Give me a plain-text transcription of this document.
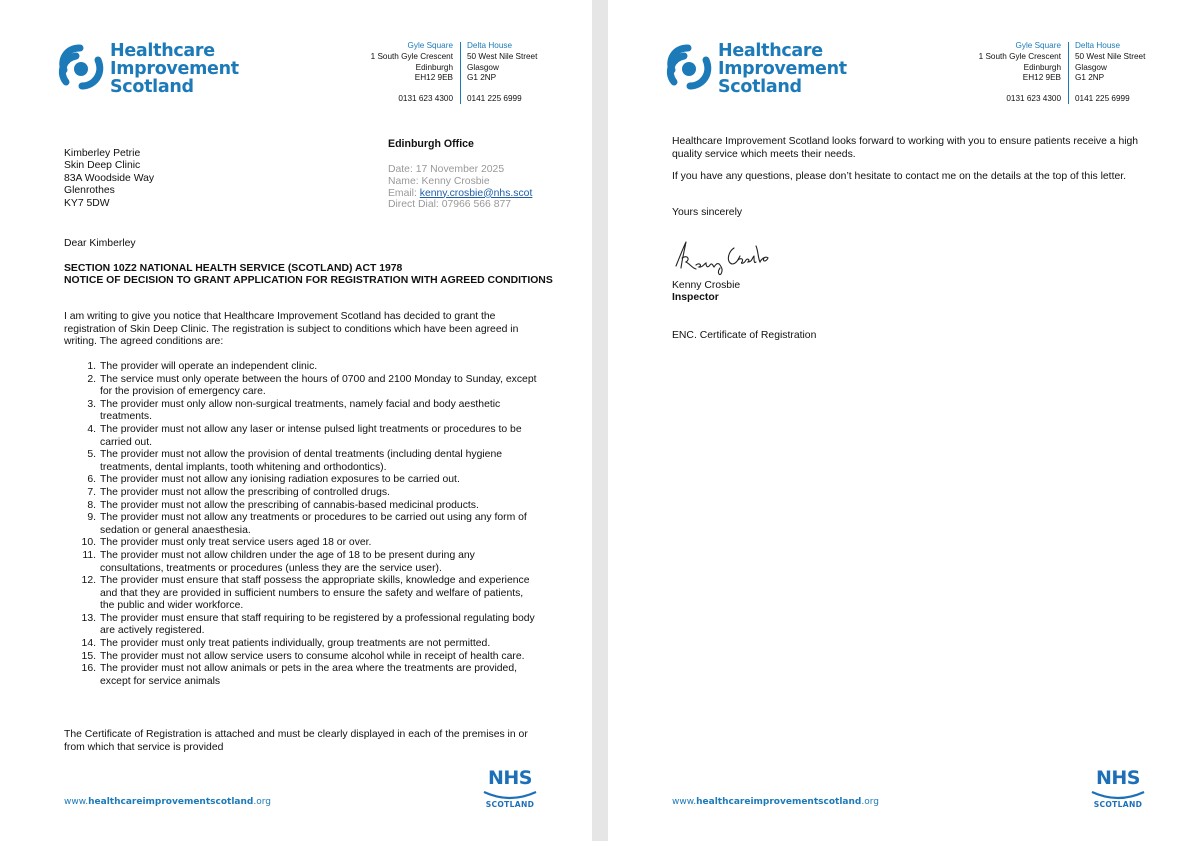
Healthcare
Improvement
Scotland
Gyle Square
1 South Gyle Crescent
Edinburgh
EH12 9EB
0131 623 4300
Delta House
50 West Nile Street
Glasgow
G1 2NP
0141 225 6999
Edinburgh Office
Date: 17 November 2025
Name: Kenny Crosbie
Email: kenny.crosbie@nhs.scot
Direct Dial: 07966 566 877
Kimberley Petrie
Skin Deep Clinic
83A Woodside Way
Glenrothes
KY7 5DW
Dear Kimberley
SECTION 10Z2 NATIONAL HEALTH SERVICE (SCOTLAND) ACT 1978
NOTICE OF DECISION TO GRANT APPLICATION FOR REGISTRATION WITH AGREED CONDITIONS
I am writing to give you notice that Healthcare Improvement Scotland has decided to grant the registration of Skin Deep Clinic. The registration is subject to conditions which have been agreed in writing. The agreed conditions are:
1. The provider will operate an independent clinic.
2. The service must only operate between the hours of 0700 and 2100 Monday to Sunday, except for the provision of emergency care.
3. The provider must only allow non-surgical treatments, namely facial and body aesthetic treatments.
4. The provider must not allow any laser or intense pulsed light treatments or procedures to be carried out.
5. The provider must not allow the provision of dental treatments (including dental hygiene treatments, dental implants, tooth whitening and orthodontics).
6. The provider must not allow any ionising radiation exposures to be carried out.
7. The provider must not allow the prescribing of controlled drugs.
8. The provider must not allow the prescribing of cannabis-based medicinal products.
9. The provider must not allow any treatments or procedures to be carried out using any form of sedation or general anaesthesia.
10. The provider must only treat service users aged 18 or over.
11. The provider must not allow children under the age of 18 to be present during any consultations, treatments or procedures (unless they are the service user).
12. The provider must ensure that staff possess the appropriate skills, knowledge and experience and that they are provided in sufficient numbers to ensure the safety and welfare of patients, the public and wider workforce.
13. The provider must ensure that staff requiring to be registered by a professional regulating body are actively registered.
14. The provider must only treat patients individually, group treatments are not permitted.
15. The provider must not allow service users to consume alcohol while in receipt of health care.
16. The provider must not allow animals or pets in the area where the treatments are provided, except for service animals
The Certificate of Registration is attached and must be clearly displayed in each of the premises in or from which that service is provided
www.healthcareimprovementscotland.org
NHS
SCOTLAND
Healthcare
Improvement
Scotland
Gyle Square
1 South Gyle Crescent
Edinburgh
EH12 9EB
0131 623 4300
Delta House
50 West Nile Street
Glasgow
G1 2NP
0141 225 6999
Healthcare Improvement Scotland looks forward to working with you to ensure patients receive a high quality service which meets their needs.
If you have any questions, please don’t hesitate to contact me on the details at the top of this letter.
Yours sincerely
Kenny Crosbie
Inspector
ENC. Certificate of Registration
www.healthcareimprovementscotland.org
NHS
SCOTLAND
